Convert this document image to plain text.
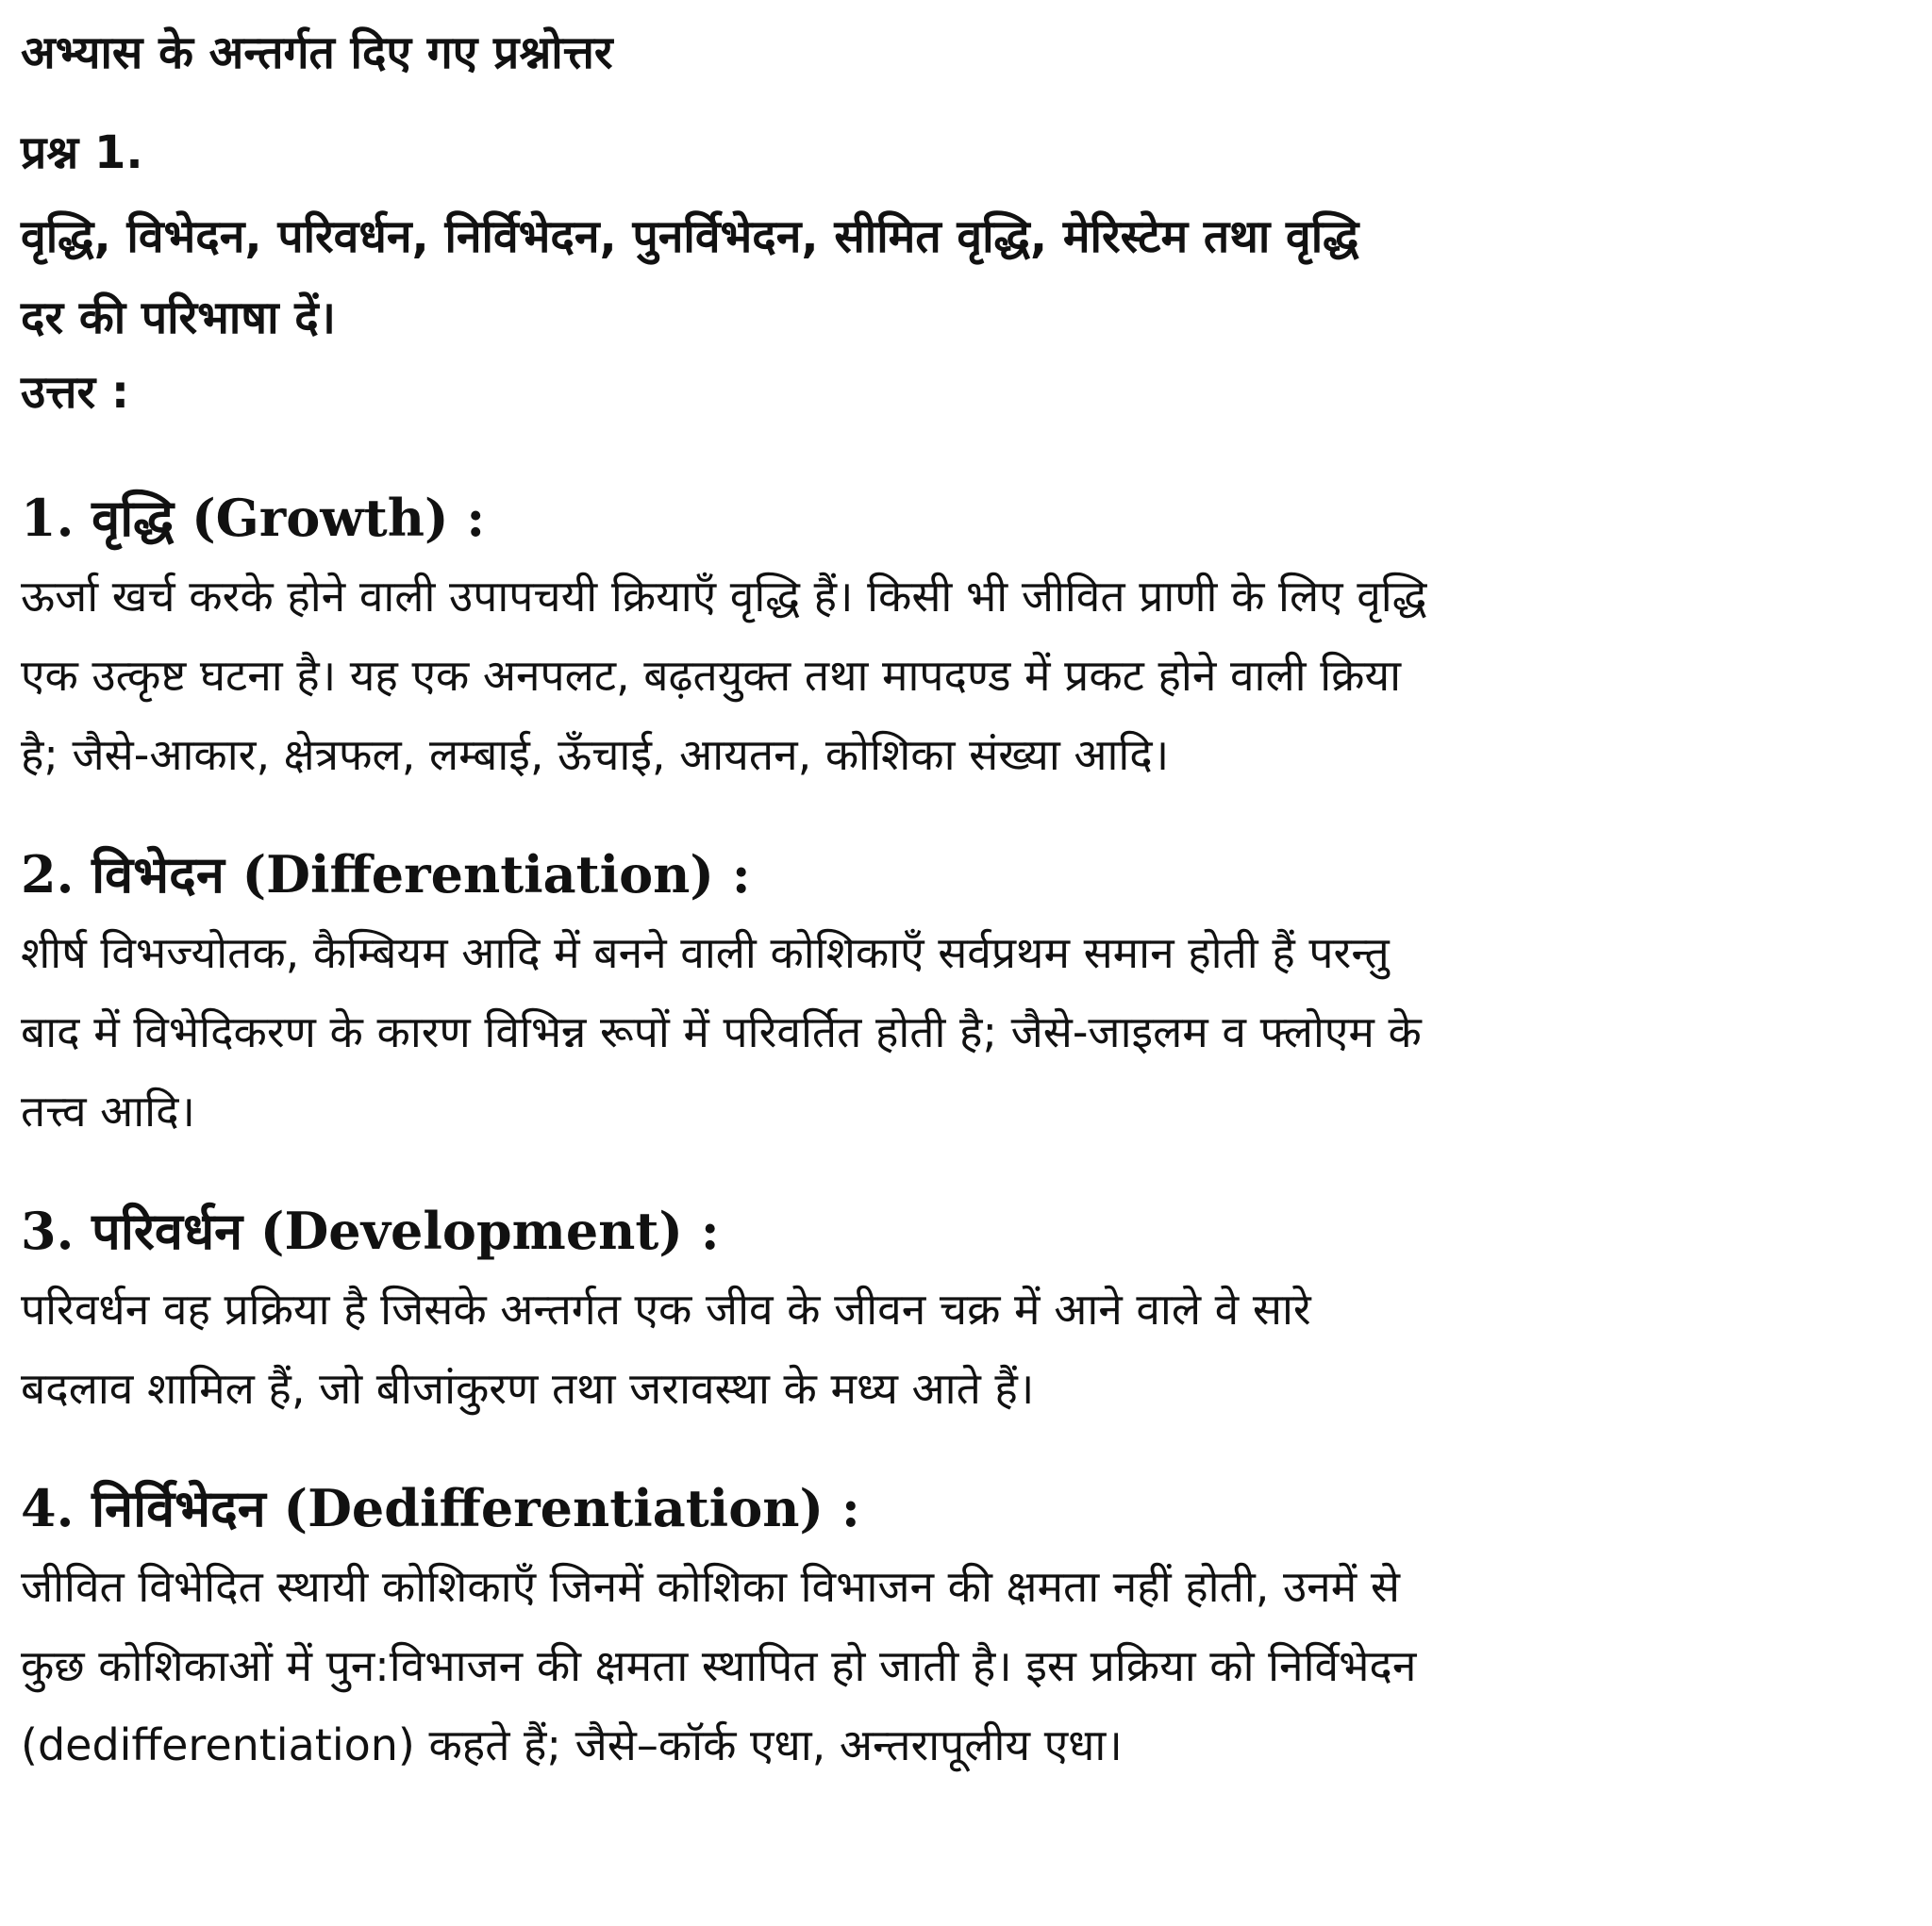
अभ्यास के अन्तर्गत दिए गए प्रश्नोत्तर
प्रश्न 1.
वृद्धि, विभेदन, परिवर्धन, निर्विभेदन, पुनर्विभेदन, सीमित वृद्धि, मेरिस्टेम तथा वृद्धि
दर की परिभाषा दें।
उत्तर :
1. वृद्धि (Growth) :
ऊर्जा खर्च करके होने वाली उपापचयी क्रियाएँ वृद्धि हैं। किसी भी जीवित प्राणी के लिए वृद्धि
एक उत्कृष्ट घटना है। यह एक अनपलट, बढ़तयुक्त तथा मापदण्ड में प्रकट होने वाली क्रिया
है; जैसे-आकार, क्षेत्रफल, लम्बाई, ऊँचाई, आयतन, कोशिका संख्या आदि।
2. विभेदन (Differentiation) :
शीर्ष विभज्योतक, कैम्बियम आदि में बनने वाली कोशिकाएँ सर्वप्रथम समान होती हैं परन्तु
बाद में विभेदिकरण के कारण विभिन्न रूपों में परिवर्तित होती है; जैसे-जाइलम व फ्लोएम के
तत्त्व आदि।
3. परिवर्धन (Development) :
परिवर्धन वह प्रक्रिया है जिसके अन्तर्गत एक जीव के जीवन चक्र में आने वाले वे सारे
बदलाव शामिल हैं, जो बीजांकुरण तथा जरावस्था के मध्य आते हैं।
4. निर्विभेदन (Dedifferentiation) :
जीवित विभेदित स्थायी कोशिकाएँ जिनमें कोशिका विभाजन की क्षमता नहीं होती, उनमें से
कुछ कोशिकाओं में पुन:विभाजन की क्षमता स्थापित हो जाती है। इस प्रक्रिया को निर्विभेदन
(dedifferentiation) कहते हैं; जैसे–कॉर्क एधा, अन्तरापूलीय एधा।
